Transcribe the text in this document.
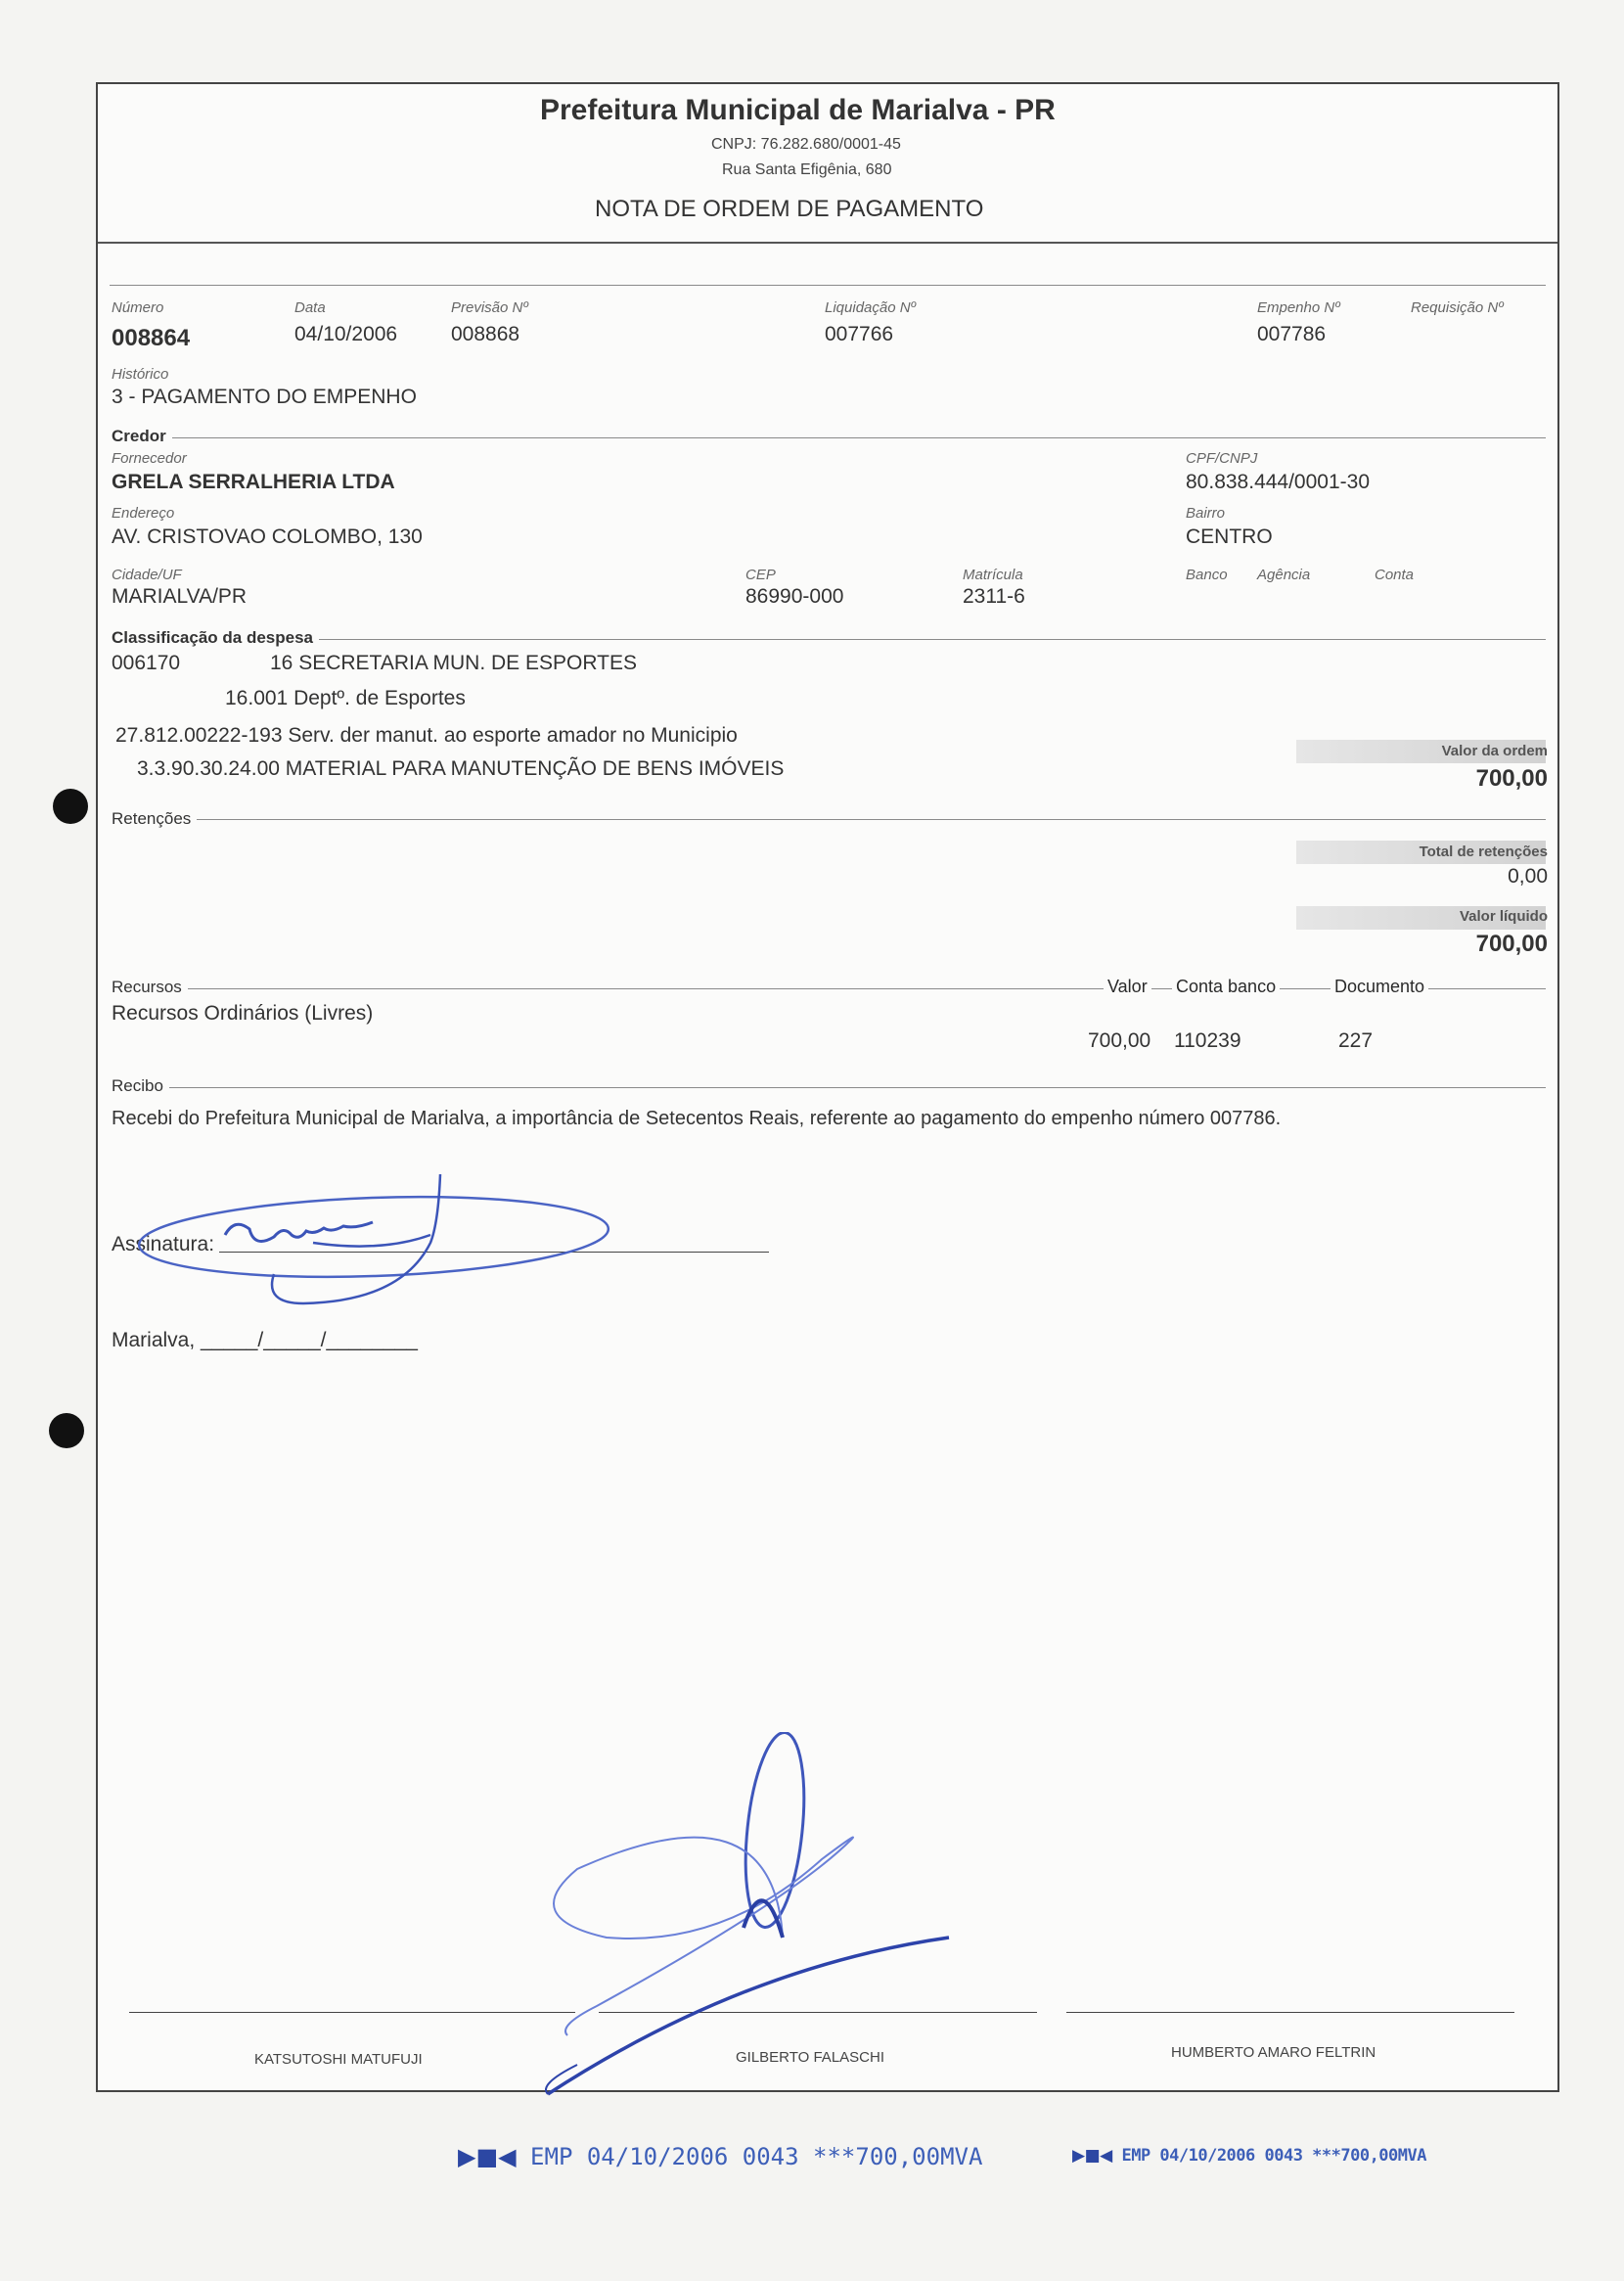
Prefeitura Municipal de Marialva - PR
CNPJ: 76.282.680/0001-45
Rua Santa Efigênia, 680
NOTA DE ORDEM DE PAGAMENTO
Número
008864
Data
04/10/2006
Previsão Nº
008868
Liquidação Nº
007766
Empenho Nº
007786
Requisição Nº
Histórico
3 - PAGAMENTO DO EMPENHO
Credor
Fornecedor
GRELA SERRALHERIA LTDA
CPF/CNPJ
80.838.444/0001-30
Endereço
AV. CRISTOVAO COLOMBO, 130
Bairro
CENTRO
Cidade/UF
MARIALVA/PR
CEP
86990-000
Matrícula
2311-6
Banco Agência	Conta
Classificação da despesa
006170	16 SECRETARIA MUN. DE ESPORTES
16.001 Deptº. de Esportes
27.812.00222-193 Serv. der manut. ao esporte amador no Municipio
3.3.90.30.24.00 MATERIAL PARA MANUTENÇÃO DE BENS IMÓVEIS
Valor da ordem
700,00
Retenções
Total de retenções
0,00
Valor líquido
700,00
Recursos	Valor Conta banco	Documento
Recursos Ordinários (Livres)
700,00 110239	227
Recibo
Recebi do Prefeitura Municipal de Marialva, a importância de Setecentos Reais, referente ao pagamento do empenho número 007786.
Assinatura:
Marialva, _____/_____/________
KATSUTOSHI MATUFUJI	GILBERTO FALASCHI	HUMBERTO AMARO FELTRIN
▶■◀ EMP 04/10/2006 0043 ***700,00MVA	▶■◀ EMP 04/10/2006 0043 ***700,00MVA
